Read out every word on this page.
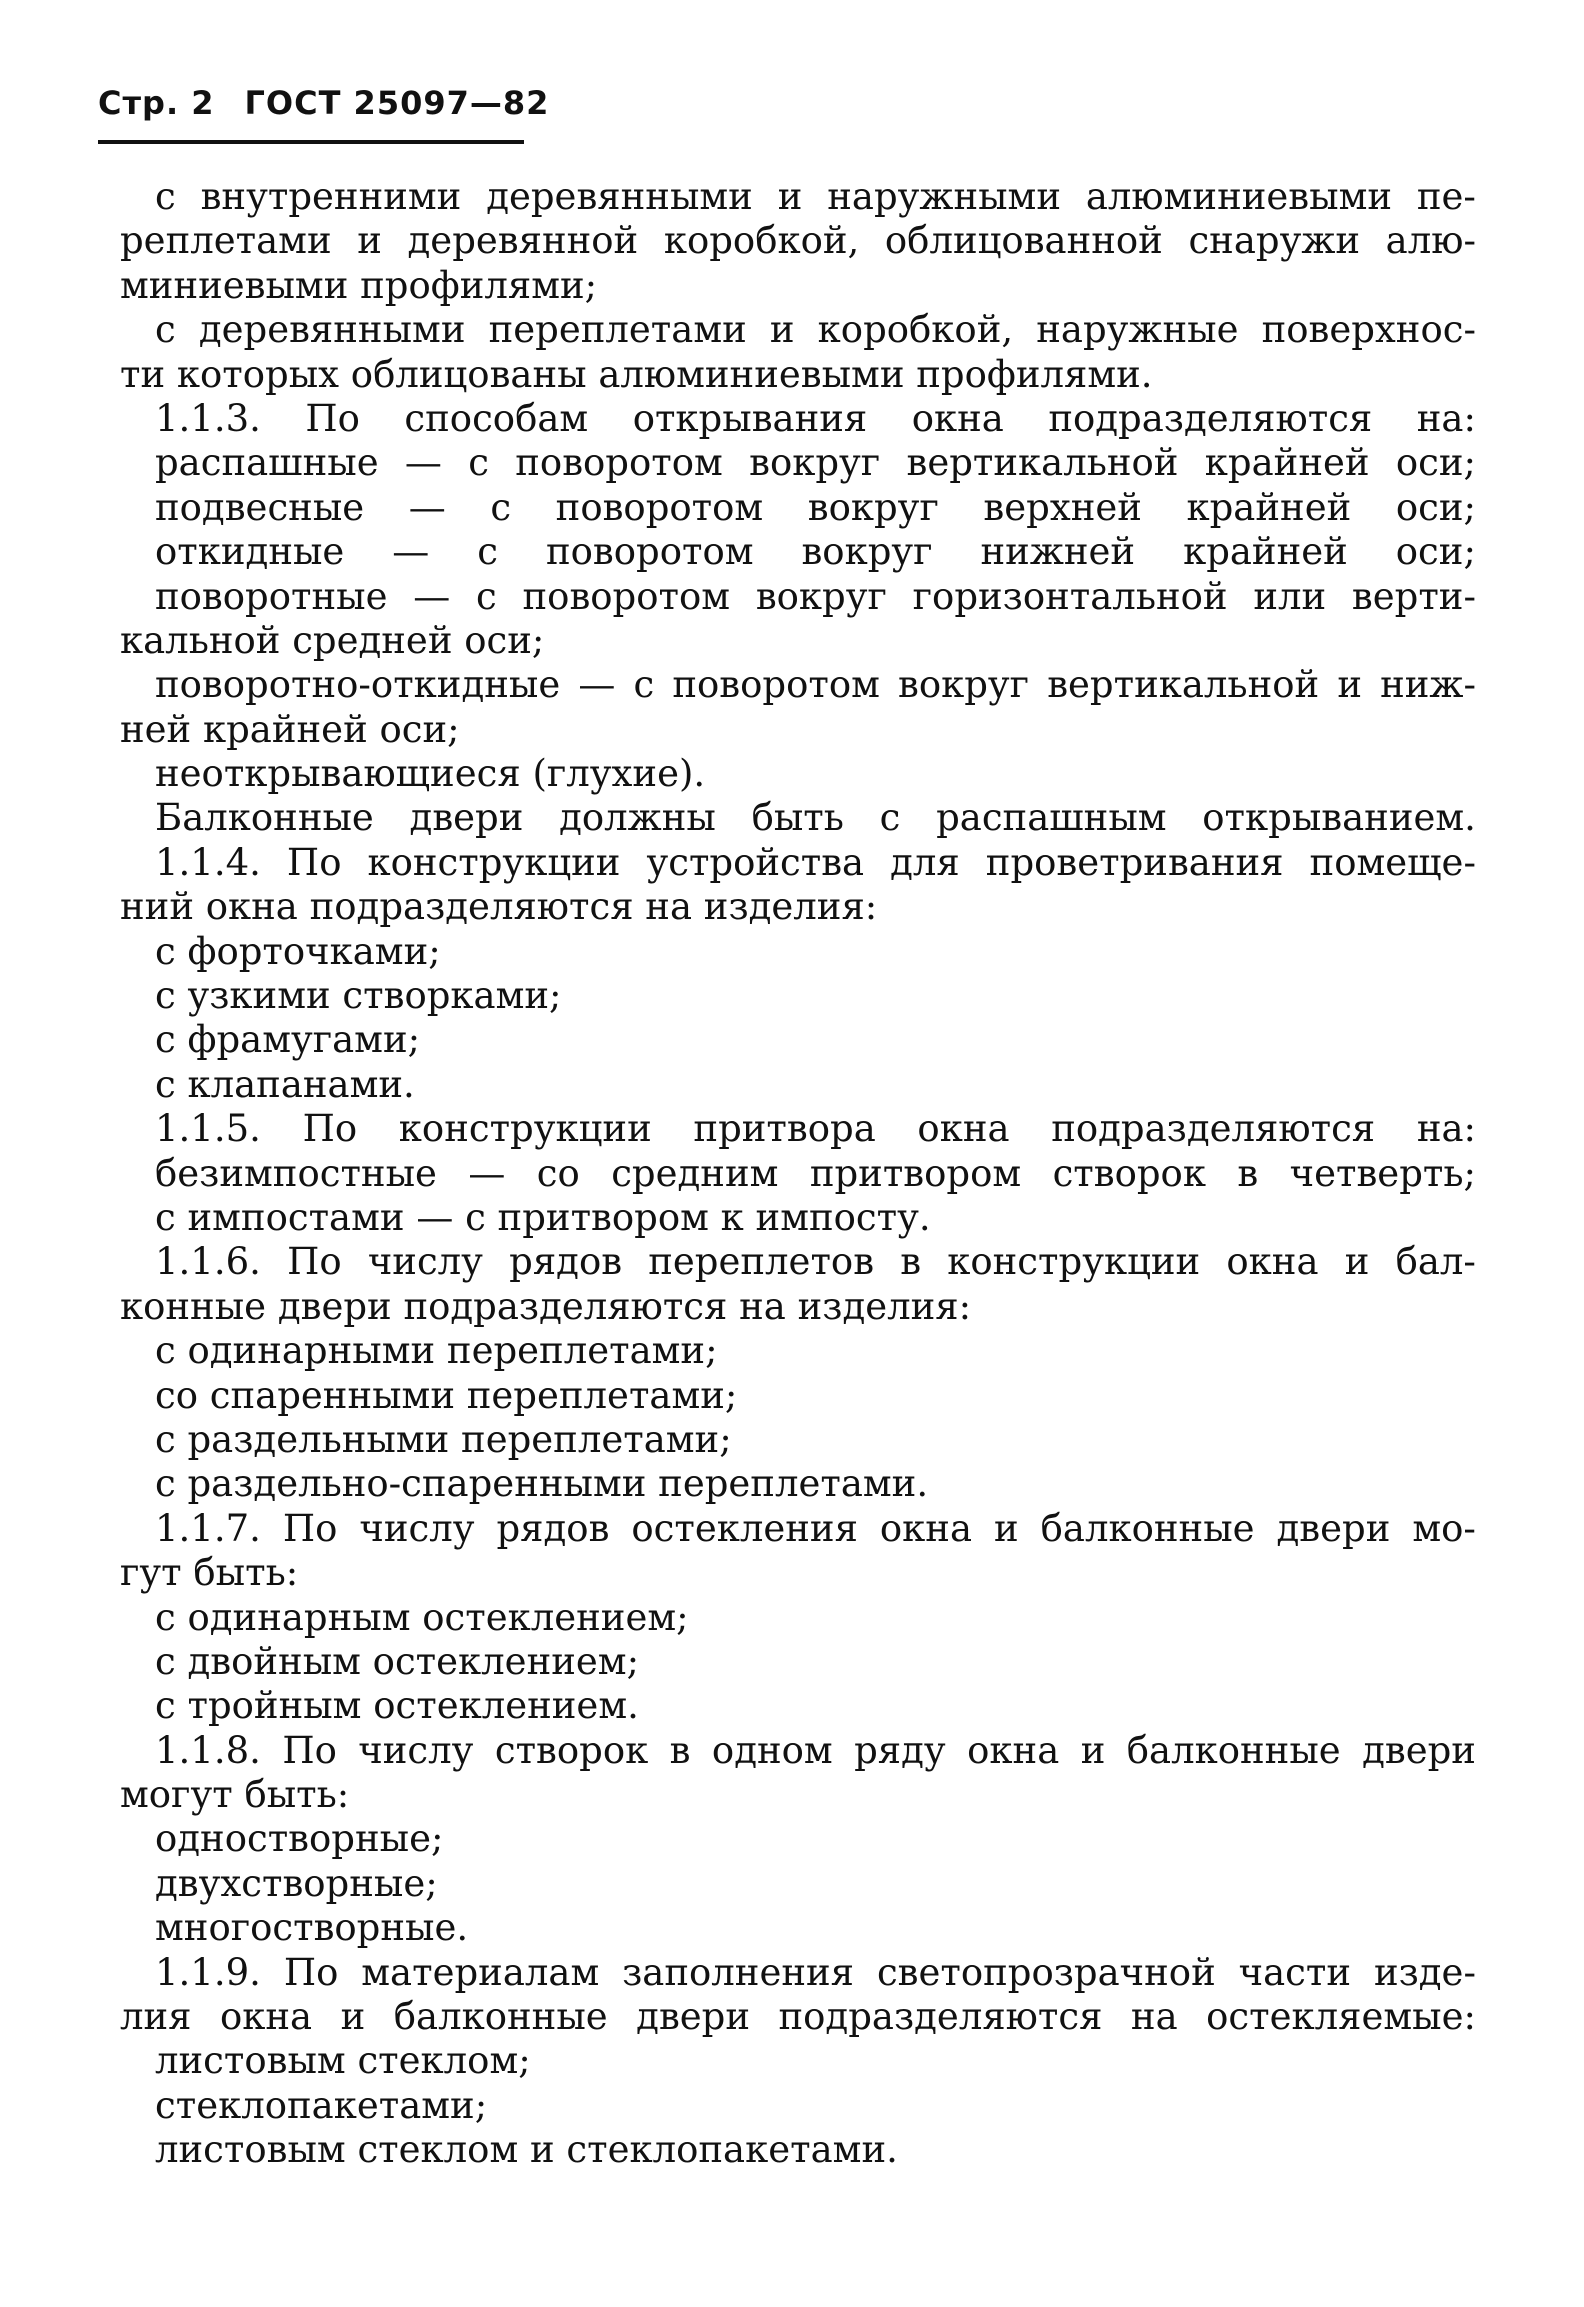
Стр. 2 ГОСТ 25097—82
с внутренними деревянными и наружными алюминиевыми пе-
реплетами и деревянной коробкой, облицованной снаружи алю-
миниевыми профилями;
с деревянными переплетами и коробкой, наружные поверхнос-
ти которых облицованы алюминиевыми профилями.
1.1.3. По способам открывания окна подразделяются на:
распашные — с поворотом вокруг вертикальной крайней оси;
подвесные — с поворотом вокруг верхней крайней оси;
откидные — с поворотом вокруг нижней крайней оси;
поворотные — с поворотом вокруг горизонтальной или верти-
кальной средней оси;
поворотно-откидные — с поворотом вокруг вертикальной и ниж-
ней крайней оси;
неоткрывающиеся (глухие).
Балконные двери должны быть с распашным открыванием.
1.1.4. По конструкции устройства для проветривания помеще-
ний окна подразделяются на изделия:
с форточками;
с узкими створками;
с фрамугами;
с клапанами.
1.1.5. По конструкции притвора окна подразделяются на:
безимпостные — со средним притвором створок в четверть;
с импостами — с притвором к импосту.
1.1.6. По числу рядов переплетов в конструкции окна и бал-
конные двери подразделяются на изделия:
с одинарными переплетами;
со спаренными переплетами;
с раздельными переплетами;
с раздельно-спаренными переплетами.
1.1.7. По числу рядов остекления окна и балконные двери мо-
гут быть:
с одинарным остеклением;
с двойным остеклением;
с тройным остеклением.
1.1.8. По числу створок в одном ряду окна и балконные двери
могут быть:
одностворные;
двухстворные;
многостворные.
1.1.9. По материалам заполнения светопрозрачной части изде-
лия окна и балконные двери подразделяются на остекляемые:
листовым стеклом;
стеклопакетами;
листовым стеклом и стеклопакетами.
